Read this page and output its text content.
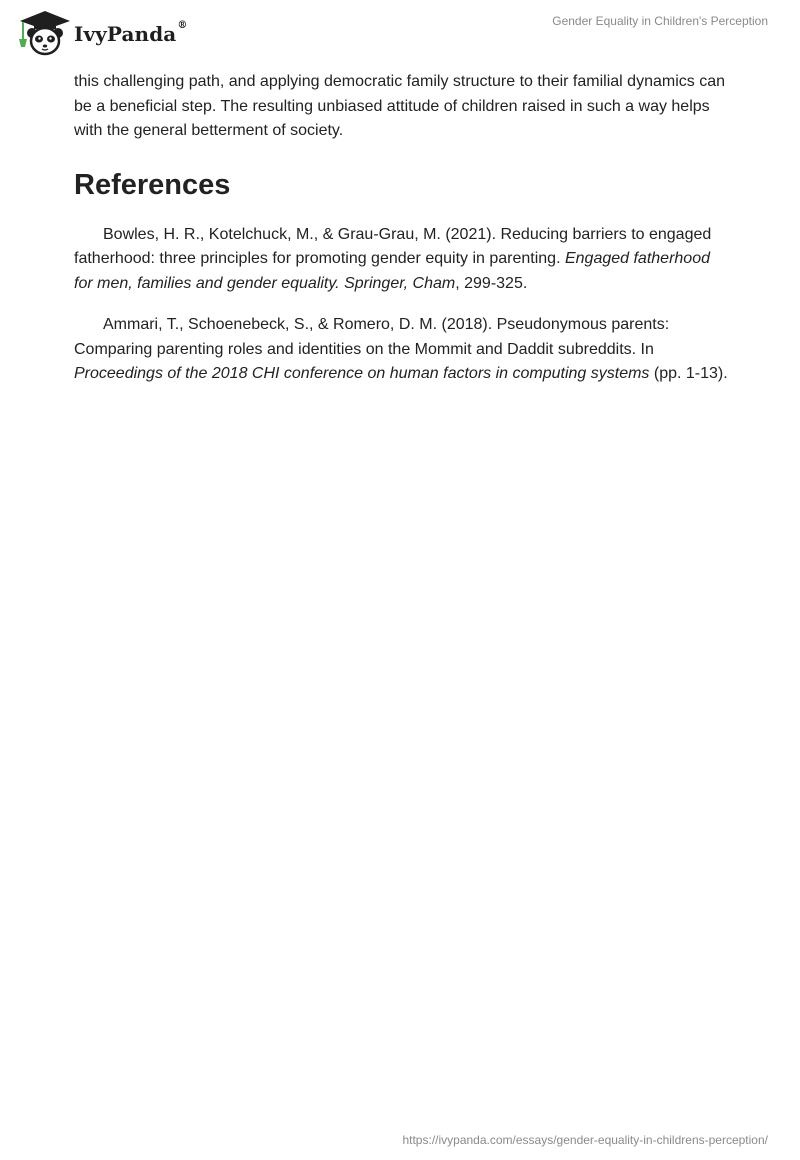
IvyPanda®	Gender Equality in Children's Perception

this challenging path, and applying democratic family structure to their familial dynamics can be a beneficial step. The resulting unbiased attitude of children raised in such a way helps with the general betterment of society.

References

Bowles, H. R., Kotelchuck, M., & Grau-Grau, M. (2021). Reducing barriers to engaged fatherhood: three principles for promoting gender equity in parenting. Engaged fatherhood for men, families and gender equality. Springer, Cham, 299-325.

Ammari, T., Schoenebeck, S., & Romero, D. M. (2018). Pseudonymous parents: Comparing parenting roles and identities on the Mommit and Daddit subreddits. In Proceedings of the 2018 CHI conference on human factors in computing systems (pp. 1-13).

https://ivypanda.com/essays/gender-equality-in-childrens-perception/
